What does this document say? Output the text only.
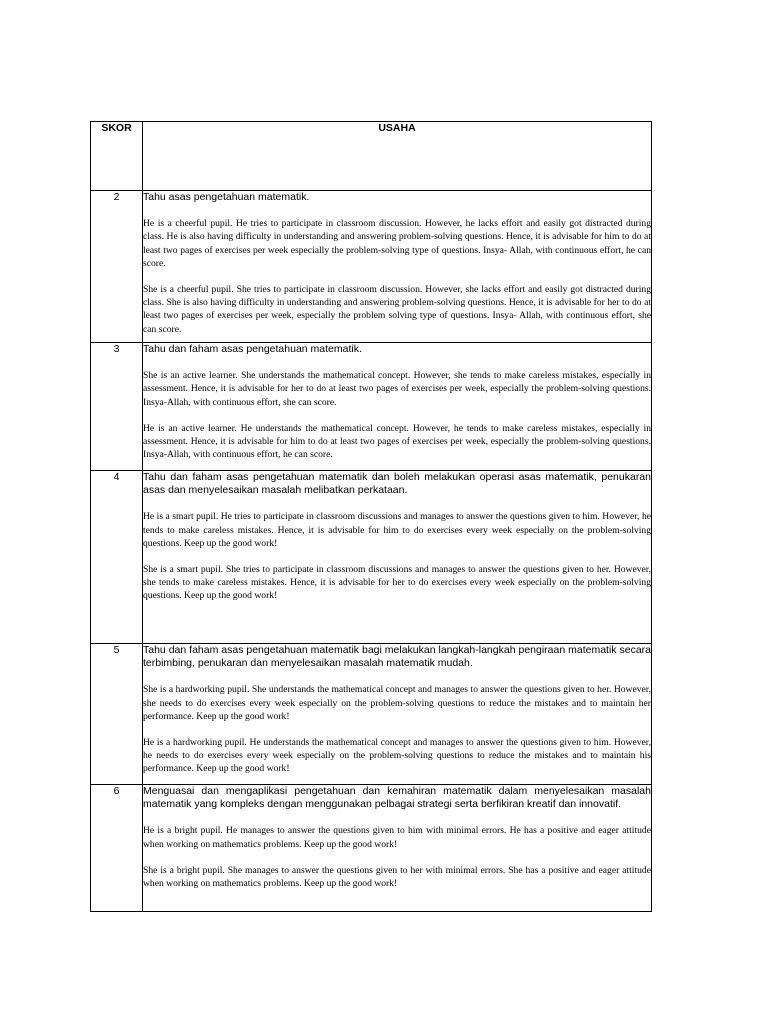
SKOR	USAHA
2	Tahu asas pengetahuan matematik.

He is a cheerful pupil. He tries to participate in classroom discussion. However, he lacks effort and easily got distracted during class. He is also having difficulty in understanding and answering problem-solving questions. Hence, it is advisable for him to do at least two pages of exercises per week especially the problem-solving type of questions. Insya- Allah, with continuous effort, he can score.

She is a cheerful pupil. She tries to participate in classroom discussion. However, she lacks effort and easily got distracted during class. She is also having difficulty in understanding and answering problem-solving questions. Hence, it is advisable for her to do at least two pages of exercises per week, especially the problem solving type of questions. Insya- Allah, with continuous effort, she can score.

3	Tahu dan faham asas pengetahuan matematik.

She is an active learner. She understands the mathematical concept. However, she tends to make careless mistakes, especially in assessment. Hence, it is advisable for her to do at least two pages of exercises per week, especially the problem-solving questions. Insya-Allah, with continuous effort, she can score.

He is an active learner. He understands the mathematical concept. However, he tends to make careless mistakes, especially in assessment. Hence, it is advisable for him to do at least two pages of exercises per week, especially the problem-solving questions. Insya-Allah, with continuous effort, he can score.

4	Tahu dan faham asas pengetahuan matematik dan boleh melakukan operasi asas matematik, penukaran asas dan menyelesaikan masalah melibatkan perkataan.

He is a smart pupil. He tries to participate in classroom discussions and manages to answer the questions given to him. However, he tends to make careless mistakes. Hence, it is advisable for him to do exercises every week especially on the problem-solving questions. Keep up the good work!

She is a smart pupil. She tries to participate in classroom discussions and manages to answer the questions given to her. However, she tends to make careless mistakes. Hence, it is advisable for her to do exercises every week especially on the problem-solving questions. Keep up the good work!

5	Tahu dan faham asas pengetahuan matematik bagi melakukan langkah-langkah pengiraan matematik secara terbimbing, penukaran dan menyelesaikan masalah matematik mudah.

She is a hardworking pupil. She understands the mathematical concept and manages to answer the questions given to her. However, she needs to do exercises every week especially on the problem-solving questions to reduce the mistakes and to maintain her performance. Keep up the good work!

He is a hardworking pupil. He understands the mathematical concept and manages to answer the questions given to him. However, he needs to do exercises every week especially on the problem-solving questions to reduce the mistakes and to maintain his performance. Keep up the good work!

6	Menguasai dan mengaplikasi pengetahuan dan kemahiran matematik dalam menyelesaikan masalah matematik yang kompleks dengan menggunakan pelbagai strategi serta berfikiran kreatif dan innovatif.

He is a bright pupil. He manages to answer the questions given to him with minimal errors. He has a positive and eager attitude when working on mathematics problems. Keep up the good work!

She is a bright pupil. She manages to answer the questions given to her with minimal errors. She has a positive and eager attitude when working on mathematics problems. Keep up the good work!
